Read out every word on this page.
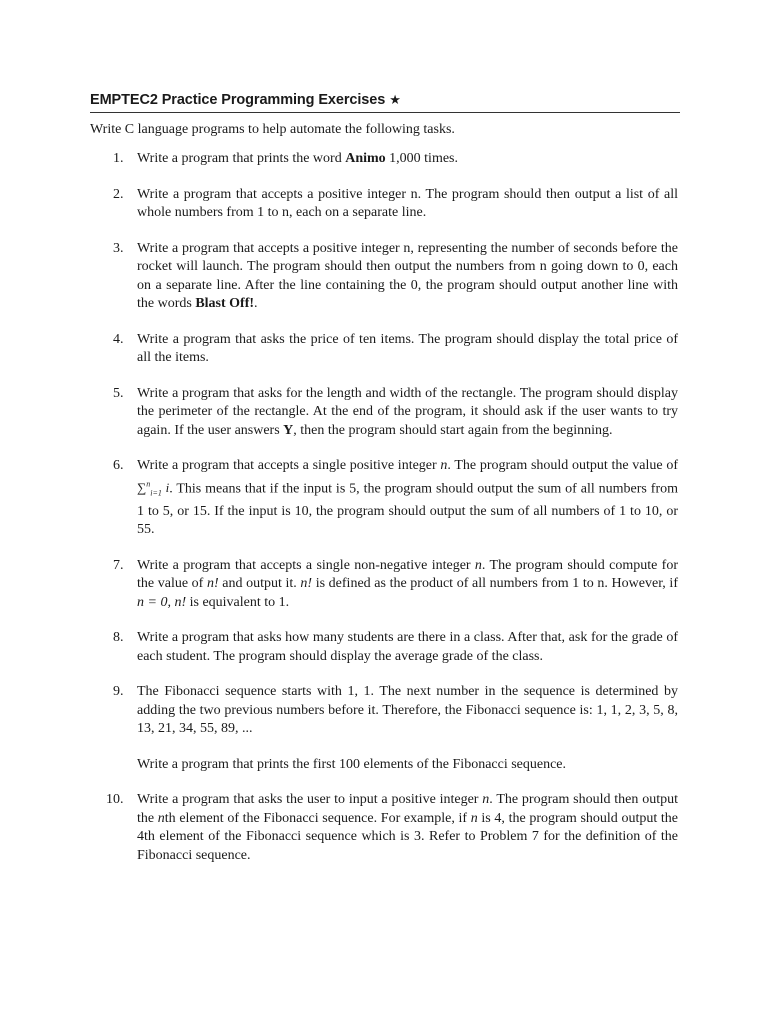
EMPTEC2 Practice Programming Exercises ★
Write C language programs to help automate the following tasks.
1. Write a program that prints the word Animo 1,000 times.

2. Write a program that accepts a positive integer n. The program should then output a list of all whole numbers from 1 to n, each on a separate line.

3. Write a program that accepts a positive integer n, representing the number of seconds before the rocket will launch. The program should then output the numbers from n going down to 0, each on a separate line. After the line containing the 0, the program should output another line with the words Blast Off!.

4. Write a program that asks the price of ten items. The program should display the total price of all the items.

5. Write a program that asks for the length and width of the rectangle. The program should display the perimeter of the rectangle. At the end of the program, it should ask if the user wants to try again. If the user answers Y, then the program should start again from the beginning.

6. Write a program that accepts a single positive integer n. The program should output the value of ∑$^n_{i=1}$ i. This means that if the input is 5, the program should output the sum of all numbers from 1 to 5, or 15. If the input is 10, the program should output the sum of all numbers of 1 to 10, or 55.

7. Write a program that accepts a single non-negative integer n. The program should compute for the value of n! and output it. n! is defined as the product of all numbers from 1 to n. However, if n = 0, n! is equivalent to 1.

8. Write a program that asks how many students are there in a class. After that, ask for the grade of each student. The program should display the average grade of the class.

9. The Fibonacci sequence starts with 1, 1. The next number in the sequence is determined by adding the two previous numbers before it. Therefore, the Fibonacci sequence is: 1, 1, 2, 3, 5, 8, 13, 21, 34, 55, 89, ...

Write a program that prints the first 100 elements of the Fibonacci sequence.

10. Write a program that asks the user to input a positive integer n. The program should then output the nth element of the Fibonacci sequence. For example, if n is 4, the program should output the 4th element of the Fibonacci sequence which is 3. Refer to Problem 7 for the definition of the Fibonacci sequence.
